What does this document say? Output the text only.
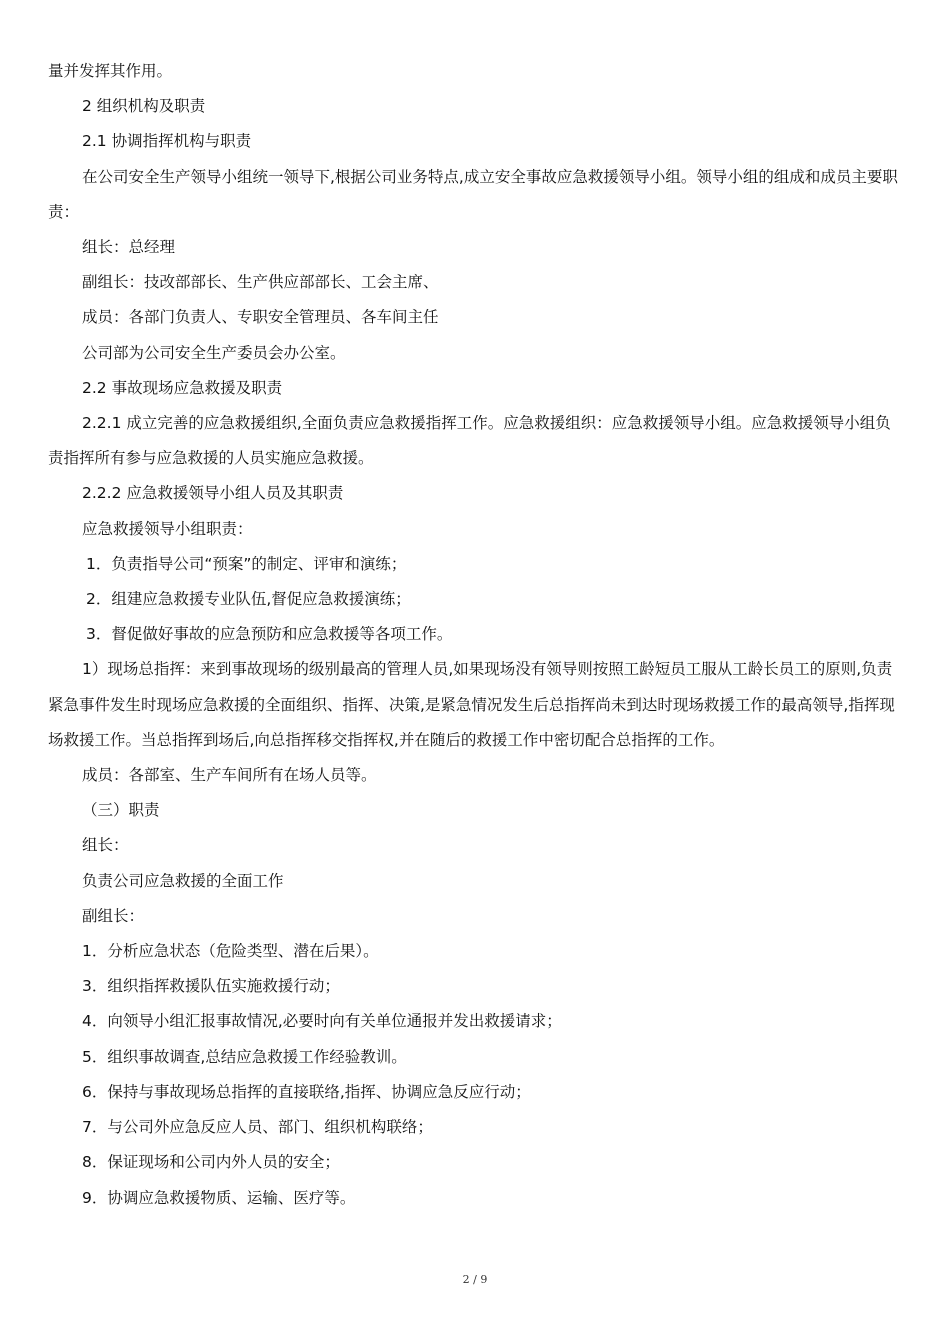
量并发挥其作用。

2 组织机构及职责

2.1 协调指挥机构与职责

在公司安全生产领导小组统一领导下,根据公司业务特点,成立安全事故应急救援领导小组。领导小组的组成和成员主要职责：

组长：总经理

副组长：技改部部长、生产供应部部长、工会主席、

成员：各部门负责人、专职安全管理员、各车间主任

公司部为公司安全生产委员会办公室。

2.2 事故现场应急救援及职责

2.2.1 成立完善的应急救援组织,全面负责应急救援指挥工作。应急救援组织：应急救援领导小组。应急救援领导小组负责指挥所有参与应急救援的人员实施应急救援。

2.2.2 应急救援领导小组人员及其职责

应急救援领导小组职责：

1．负责指导公司“预案”的制定、评审和演练；

2．组建应急救援专业队伍,督促应急救援演练；

3．督促做好事故的应急预防和应急救援等各项工作。

1）现场总指挥：来到事故现场的级别最高的管理人员,如果现场没有领导则按照工龄短员工服从工龄长员工的原则,负责紧急事件发生时现场应急救援的全面组织、指挥、决策,是紧急情况发生后总指挥尚未到达时现场救援工作的最高领导,指挥现场救援工作。当总指挥到场后,向总指挥移交指挥权,并在随后的救援工作中密切配合总指挥的工作。

成员：各部室、生产车间所有在场人员等。

（三）职责

组长：

负责公司应急救援的全面工作

副组长：

1．分析应急状态（危险类型、潜在后果）。

3．组织指挥救援队伍实施救援行动；

4．向领导小组汇报事故情况,必要时向有关单位通报并发出救援请求；

5．组织事故调查,总结应急救援工作经验教训。

6．保持与事故现场总指挥的直接联络,指挥、协调应急反应行动；

7．与公司外应急反应人员、部门、组织机构联络；

8．保证现场和公司内外人员的安全；

9．协调应急救援物质、运输、医疗等。

2 / 9
